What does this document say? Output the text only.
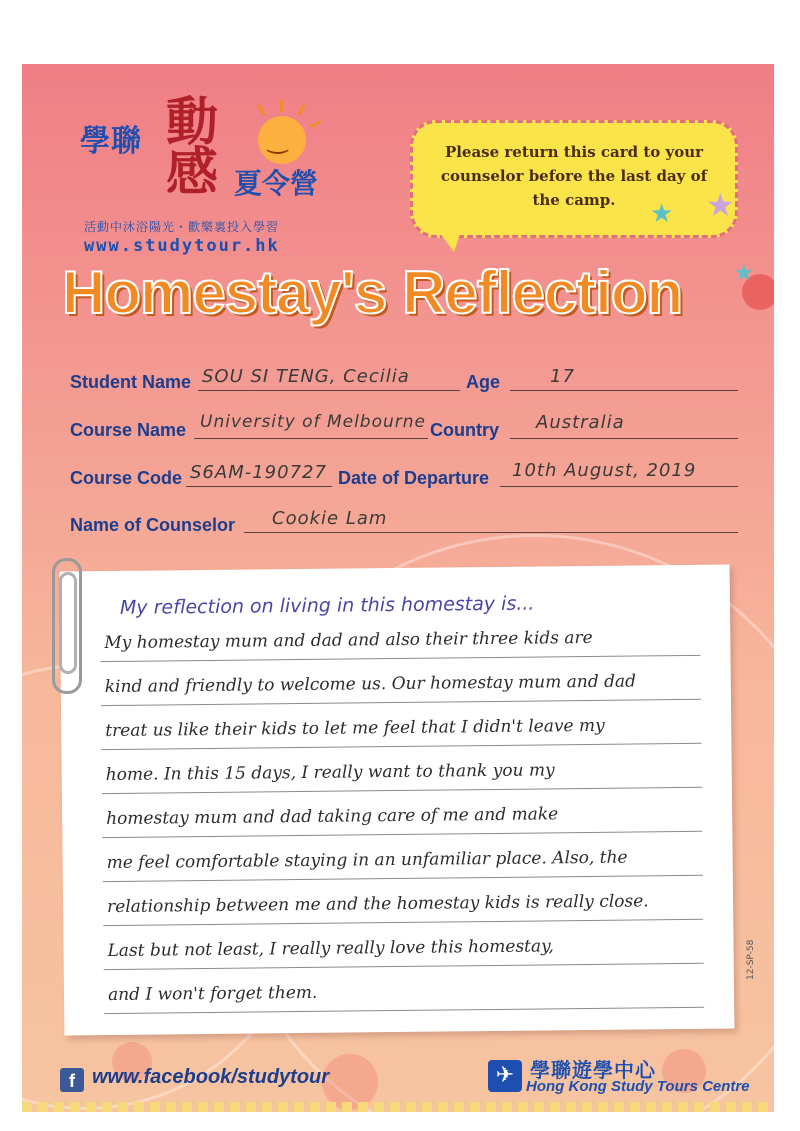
學聯 動感
‿
夏令營
活動中沐浴陽光・歡樂裏投入學習
www.studytour.hk
Please return this card to your counselor before the last day of the camp.	★ ★
★
Homestay's Reflection
Student Name SOU SI TENG, Cecilia	Age	17
Course Name University of Melbourne Country Australia
Course Code S6AM-190727 Date of Departure 10th August, 2019
Name of Counselor Cookie Lam
My reflection on living in this homestay is...
My homestay mum and dad and also their three kids are
kind and friendly to welcome us. Our homestay mum and dad
treat us like their kids to let me feel that I didn't leave my
home. In this 15 days, I really want to thank you my
homestay mum and dad taking care of me and make
me feel comfortable staying in an unfamiliar place. Also, the
relationship between me and the homestay kids is really close.
Last but not least, I really really love this homestay,
and I won't forget them.
12-SP-58
f www.facebook/studytour	✈ 學聯遊學中心
Hong Kong Study Tours Centre
